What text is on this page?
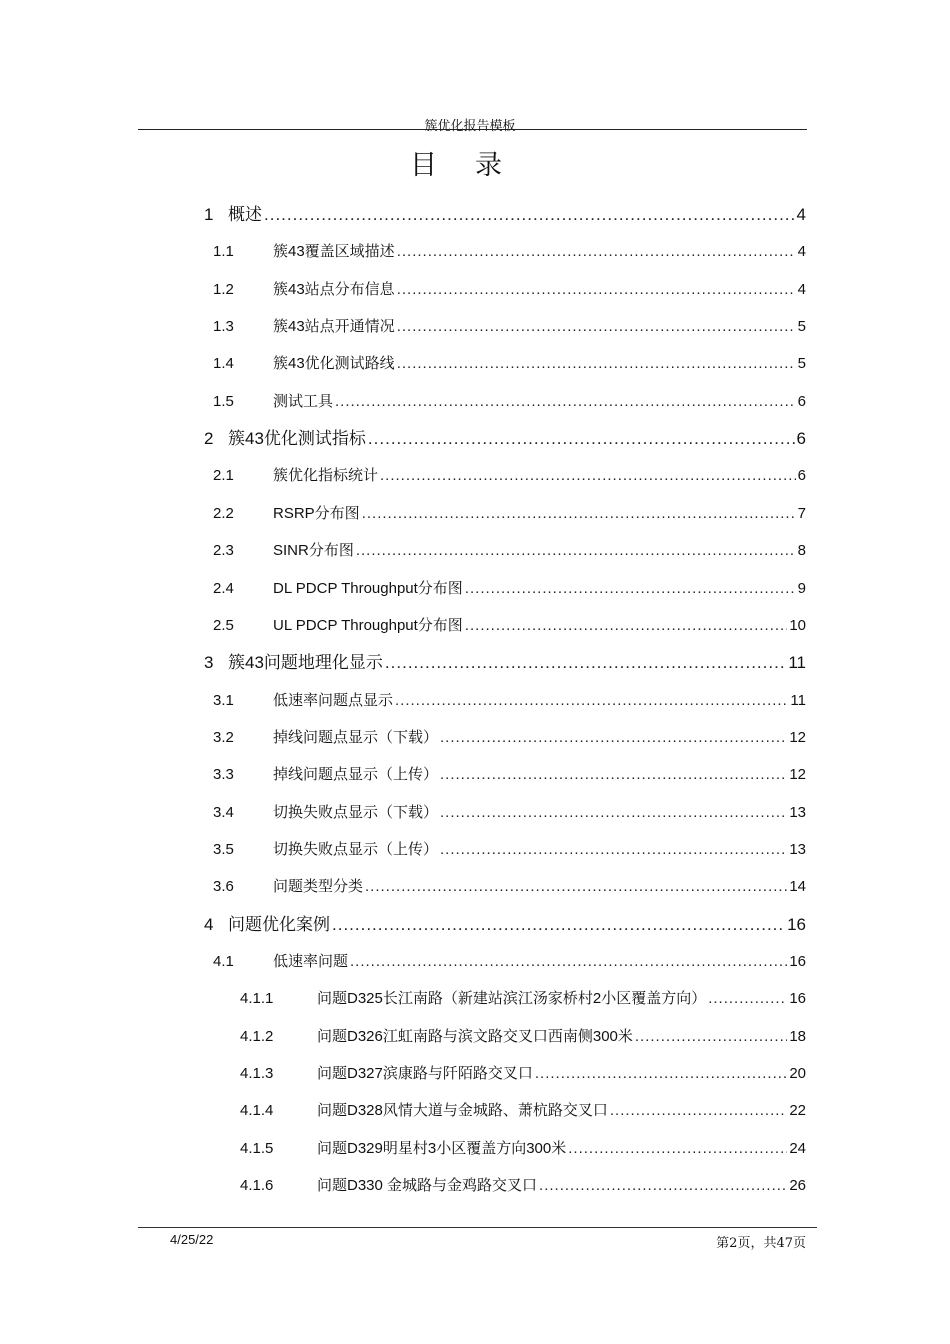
簇优化报告模板
目录
1 概述 .....	4
1.1	簇43覆盖区域描述 .....	4
1.2	簇43站点分布信息 .....	4
1.3	簇43站点开通情况 .....	5
1.4	簇43优化测试路线 .....	5
1.5	测试工具 .....	6
2 簇43优化测试指标 .....	6
2.1	簇优化指标统计 .....	6
2.2	RSRP分布图 .....	7
2.3	SINR分布图 .....	8
2.4	DL PDCP Throughput分布图 .....	9
2.5	UL PDCP Throughput分布图 .....	10
3 簇43问题地理化显示 .....	11
3.1	低速率问题点显示 .....	11
3.2	掉线问题点显示（下载） .....	12
3.3	掉线问题点显示（上传） .....	12
3.4	切换失败点显示（下载） .....	13
3.5	切换失败点显示（上传） .....	13
3.6	问题类型分类 .....	14
4 问题优化案例 .....	16
4.1	低速率问题 .....	16
4.1.1	问题D325长江南路（新建站滨江汤家桥村2小区覆盖方向） .....	16
4.1.2	问题D326江虹南路与滨文路交叉口西南侧300米 .....	18
4.1.3	问题D327滨康路与阡陌路交叉口 .....	20
4.1.4	问题D328风情大道与金城路、萧杭路交叉口 .....	22
4.1.5	问题D329明星村3小区覆盖方向300米 .....	24
4.1.6	问题D330 金城路与金鸡路交叉口 .....	26
4/25/22	第2页，共47页
